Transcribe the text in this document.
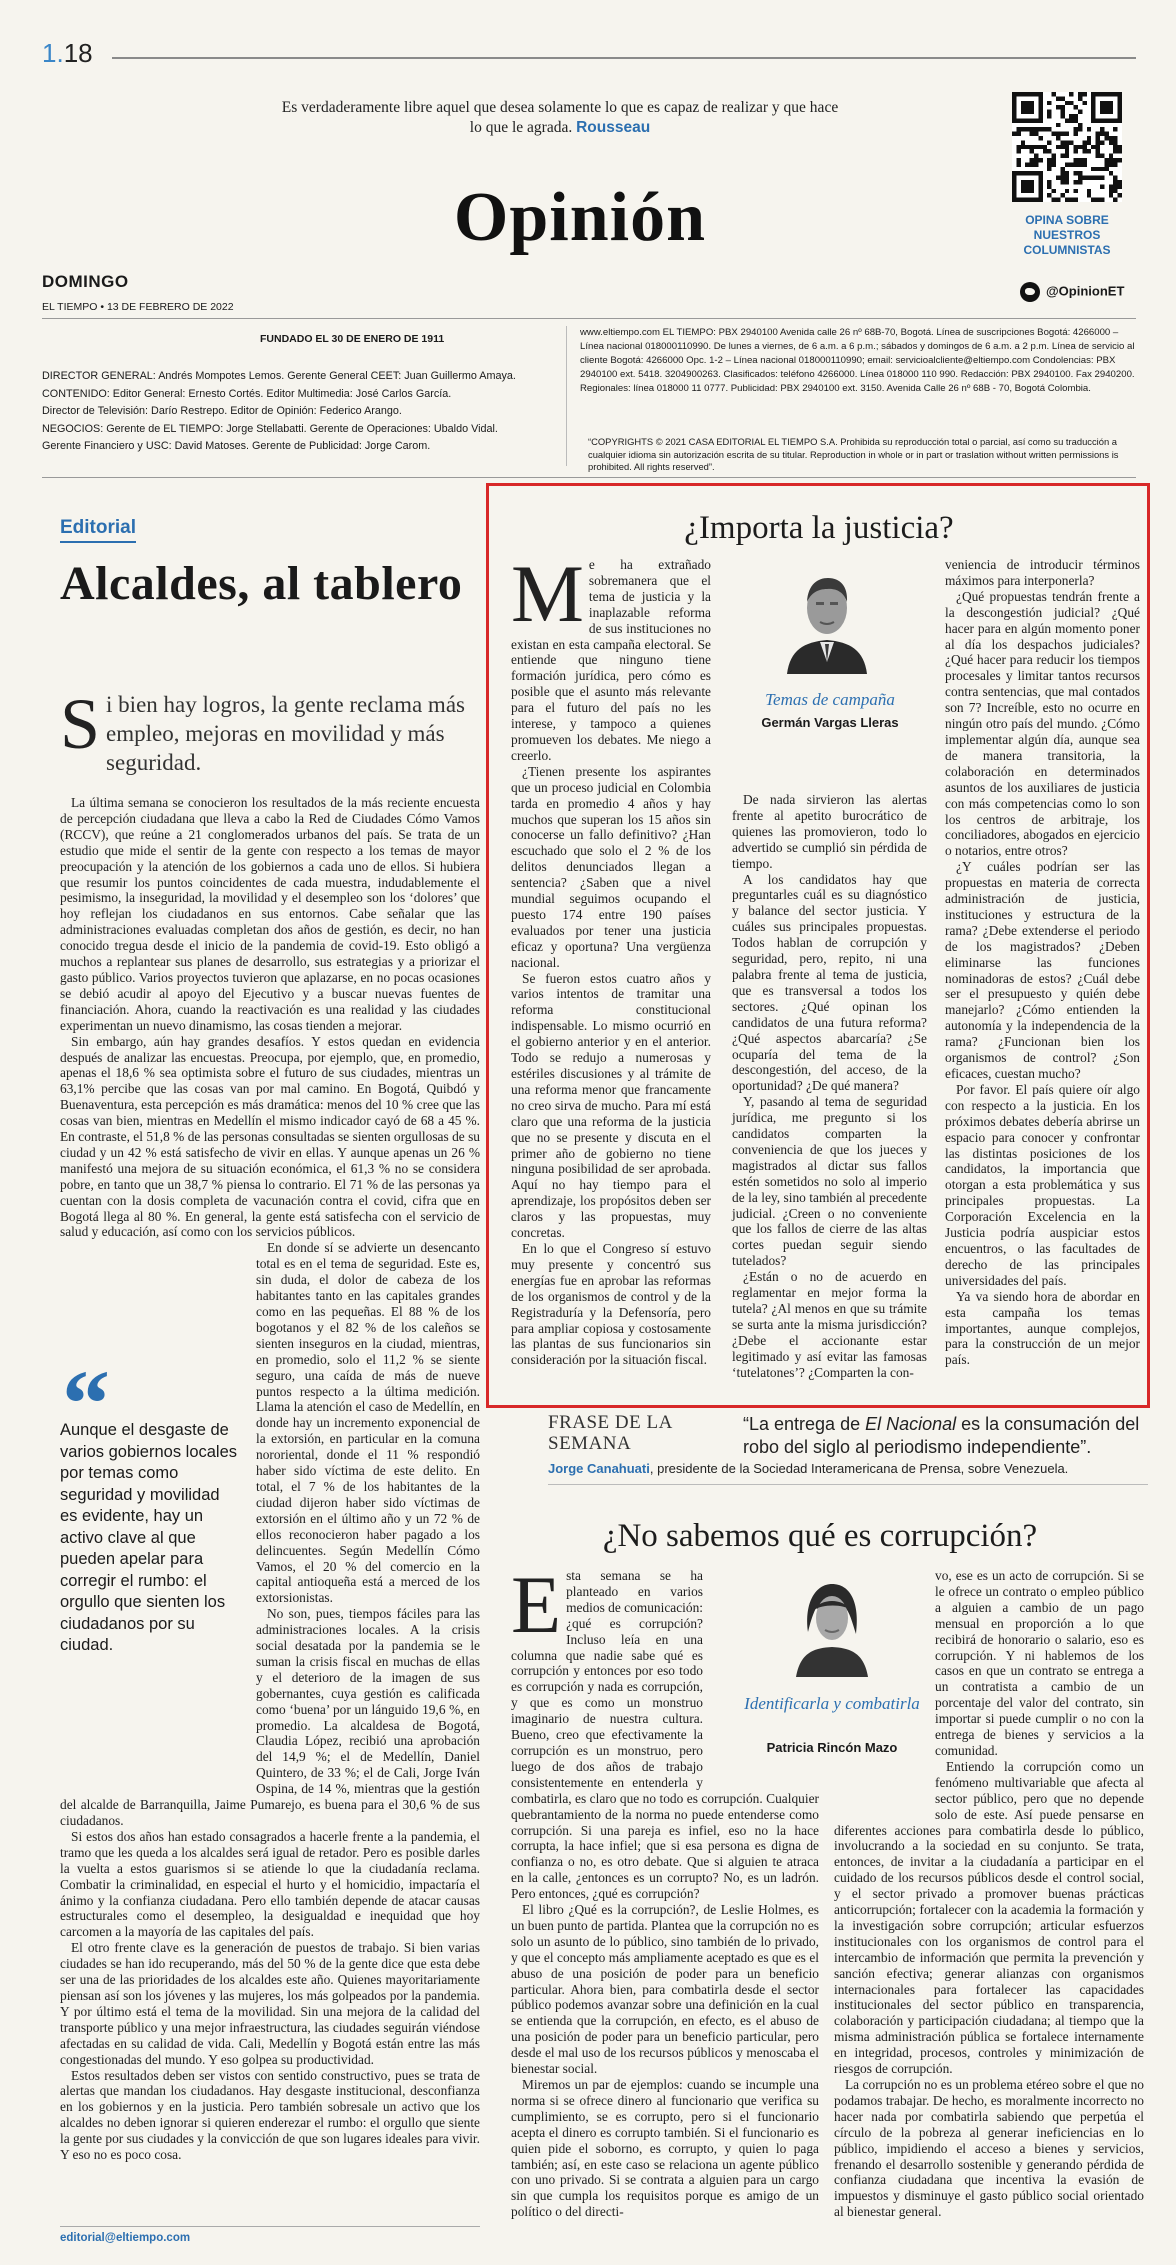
1.18
Es verdaderamente libre aquel que desea solamente lo que es capaz de realizar y que hace lo que le agrada. Rousseau
Opinión	OPINA SOBRE NUESTROS COLUMNISTAS
DOMINGO
EL TIEMPO • 13 DE FEBRERO DE 2022
@OpinionET
FUNDADO EL 30 DE ENERO DE 1911
DIRECTOR GENERAL: Andrés Mompotes Lemos. Gerente General CEET: Juan Guillermo Amaya.
CONTENIDO: Editor General: Ernesto Cortés. Editor Multimedia: José Carlos García.
Director de Televisión: Darío Restrepo. Editor de Opinión: Federico Arango.
NEGOCIOS: Gerente de EL TIEMPO: Jorge Stellabatti. Gerente de Operaciones: Ubaldo Vidal.
Gerente Financiero y USC: David Matoses. Gerente de Publicidad: Jorge Carom.
www.eltiempo.com EL TIEMPO: PBX 2940100 Avenida calle 26 nº 68B-70, Bogotá. Línea de suscripciones Bogotá: 4266000 – Línea nacional 018000110990. De lunes a viernes, de 6 a.m. a 6 p.m.; sábados y domingos de 6 a.m. a 2 p.m. Línea de servicio al cliente Bogotá: 4266000 Opc. 1-2 – Línea nacional 018000110990; email: servicioalcliente@eltiempo.com Condolencias: PBX 2940100 ext. 5418. 3204900263. Clasificados: teléfono 4266000. Línea 018000 110 990. Redacción: PBX 2940100. Fax 2940200. Regionales: línea 018000 11 0777. Publicidad: PBX 2940100 ext. 3150. Avenida Calle 26 nº 68B - 70, Bogotá Colombia.
“COPYRIGHTS © 2021 CASA EDITORIAL EL TIEMPO S.A. Prohibida su reproducción total o parcial, así como su traducción a cualquier idioma sin autorización escrita de su titular. Reproduction in whole or in part or traslation without written permissions is prohibited. All rights reserved”.
Editorial
Alcaldes, al tablero
Si bien hay logros, la gente reclama más empleo, mejoras en movilidad y más seguridad.

La última semana se conocieron los resultados de la más reciente encuesta de percepción ciudadana que lleva a cabo la Red de Ciudades Cómo Vamos (RCCV), que reúne a 21 conglomerados urbanos del país. Se trata de un estudio que mide el sentir de la gente con respecto a los temas de mayor preocupación y la atención de los gobiernos a cada uno de ellos. Si hubiera que resumir los puntos coincidentes de cada muestra, indudablemente el pesimismo, la inseguridad, la movilidad y el desempleo son los ‘dolores’ que hoy reflejan los ciudadanos en sus entornos. Cabe señalar que las administraciones evaluadas completan dos años de gestión, es decir, no han conocido tregua desde el inicio de la pandemia de covid-19. Esto obligó a muchos a replantear sus planes de desarrollo, sus estrategias y a priorizar el gasto público. Varios proyectos tuvieron que aplazarse, en no pocas ocasiones se debió acudir al apoyo del Ejecutivo y a buscar nuevas fuentes de financiación. Ahora, cuando la reactivación es una realidad y las ciudades experimentan un nuevo dinamismo, las cosas tienden a mejorar.

Sin embargo, aún hay grandes desafíos. Y estos quedan en evidencia después de analizar las encuestas. Preocupa, por ejemplo, que, en promedio, apenas el 18,6 % sea optimista sobre el futuro de sus ciudades, mientras un 63,1% percibe que las cosas van por mal camino. En Bogotá, Quibdó y Buenaventura, esta percepción es más dramática: menos del 10 % cree que las cosas van bien, mientras en Medellín el mismo indicador cayó de 68 a 45 %. En contraste, el 51,8 % de las personas consultadas se sienten orgullosas de su ciudad y un 42 % está satisfecho de vivir en ellas. Y aunque apenas un 26 % manifestó una mejora de su situación económica, el 61,3 % no se considera pobre, en tanto que un 38,7 % piensa lo contrario. El 71 % de las personas ya cuentan con la dosis completa de vacunación contra el covid, cifra que en Bogotá llega al 80 %. En general, la gente está satisfecha con el servicio de salud y educación, así como con los servicios públicos.

En donde sí se advierte un desencanto total es en el tema de seguridad. Este es, sin duda, el dolor de cabeza de los habitantes tanto en las capitales grandes como en las pequeñas. El 88 % de los bogotanos y el 82 % de los caleños se sienten inseguros en la ciudad, mientras, en promedio, solo el 11,2 % se siente seguro, una caída de más de nueve puntos respecto a la última medición. Llama la atención el caso de Medellín, en donde hay un incremento exponencial de la extorsión, en particular en la comuna nororiental, donde el 11 % respondió haber sido víctima de este delito. En total, el 7 % de los habitantes de la ciudad dijeron haber sido víctimas de extorsión en el último año y un 72 % de ellos reconocieron haber pagado a los delincuentes. Según Medellín Cómo Vamos, el 20 % del comercio en la capital antioqueña está a merced de los extorsionistas.

No son, pues, tiempos fáciles para las administraciones locales. A la crisis social desatada por la pandemia se le suman la crisis fiscal en muchas de ellas y el deterioro de la imagen de sus gobernantes, cuya gestión es calificada como ‘buena’ por un lánguido 19,6 %, en promedio. La alcaldesa de Bogotá, Claudia López, recibió una aprobación del 14,9 %; el de Medellín, Daniel Quintero, de 33 %; el de Cali, Jorge Iván Ospina, de 14 %, mientras que la gestión del alcalde de Barranquilla, Jaime Pumarejo, es buena para el 30,6 % de sus ciudadanos.

Si estos dos años han estado consagrados a hacerle frente a la pandemia, el tramo que les queda a los alcaldes será igual de retador. Pero es posible darles la vuelta a estos guarismos si se atiende lo que la ciudadanía reclama. Combatir la criminalidad, en especial el hurto y el homicidio, impactaría el ánimo y la confianza ciudadana. Pero ello también depende de atacar causas estructurales como el desempleo, la desigualdad e inequidad que hoy carcomen a la mayoría de las capitales del país.

El otro frente clave es la generación de puestos de trabajo. Si bien varias ciudades se han ido recuperando, más del 50 % de la gente dice que esta debe ser una de las prioridades de los alcaldes este año. Quienes mayoritariamente piensan así son los jóvenes y las mujeres, los más golpeados por la pandemia. Y por último está el tema de la movilidad. Sin una mejora de la calidad del transporte público y una mejor infraestructura, las ciudades seguirán viéndose afectadas en su calidad de vida. Cali, Medellín y Bogotá están entre las más congestionadas del mundo. Y eso golpea su productividad.

Estos resultados deben ser vistos con sentido constructivo, pues se trata de alertas que mandan los ciudadanos. Hay desgaste institucional, desconfianza en los gobiernos y en la justicia. Pero también sobresale un activo que los alcaldes no deben ignorar si quieren enderezar el rumbo: el orgullo que siente la gente por sus ciudades y la convicción de que son lugares ideales para vivir. Y eso no es poco cosa.

“
Aunque el desgaste de varios gobiernos locales por temas como seguridad y movilidad es evidente, hay un activo clave al que pueden apelar para corregir el rumbo: el orgullo que sienten los ciudadanos por su ciudad.
editorial@eltiempo.com
¿Importa la justicia?

Me ha extrañado sobremanera que el tema de justicia y la inaplazable reforma de sus instituciones no existan en esta campaña electoral. Se entiende que ninguno tiene formación jurídica, pero cómo es posible que el asunto más relevante para el futuro del país no les interese, y tampoco a quienes promueven los debates. Me niego a creerlo.

¿Tienen presente los aspirantes que un proceso judicial en Colombia tarda en promedio 4 años y hay muchos que superan los 15 años sin conocerse un fallo definitivo? ¿Han escuchado que solo el 2 % de los delitos denunciados llegan a sentencia? ¿Saben que a nivel mundial seguimos ocupando el puesto 174 entre 190 países evaluados por tener una justicia eficaz y oportuna? Una vergüenza nacional.

Se fueron estos cuatro años y varios intentos de tramitar una reforma constitucional indispensable. Lo mismo ocurrió en el gobierno anterior y en el anterior. Todo se redujo a numerosas y estériles discusiones y al trámite de una reforma menor que francamente no creo sirva de mucho. Para mí está claro que una reforma de la justicia que no se presente y discuta en el primer año de gobierno no tiene ninguna posibilidad de ser aprobada. Aquí no hay tiempo para el aprendizaje, los propósitos deben ser claros y las propuestas, muy concretas.

En lo que el Congreso sí estuvo muy presente y concentró sus energías fue en aprobar las reformas de los organismos de control y de la Registraduría y la Defensoría, pero para ampliar copiosa y costosamente las plantas de sus funcionarios sin consideración por la situación fiscal.

Temas de campaña
Germán Vargas Lleras

De nada sirvieron las alertas frente al apetito burocrático de quienes las promovieron, todo lo advertido se cumplió sin pérdida de tiempo.

A los candidatos hay que preguntarles cuál es su diagnóstico y balance del sector justicia. Y cuáles sus principales propuestas. Todos hablan de corrupción y seguridad, pero, repito, ni una palabra frente al tema de justicia, que es transversal a todos los sectores. ¿Qué opinan los candidatos de una futura reforma? ¿Qué aspectos abarcaría? ¿Se ocuparía del tema de la descongestión, del acceso, de la oportunidad? ¿De qué manera?

Y, pasando al tema de seguridad jurídica, me pregunto si los candidatos comparten la conveniencia de que los jueces y magistrados al dictar sus fallos estén sometidos no solo al imperio de la ley, sino también al precedente judicial. ¿Creen o no conveniente que los fallos de cierre de las altas cortes puedan seguir siendo tutelados?

¿Están o no de acuerdo en reglamentar en mejor forma la tutela? ¿Al menos en que su trámite se surta ante la misma jurisdicción? ¿Debe el accionante estar legitimado y así evitar las famosas ‘tutelatones’? ¿Comparten la con-

veniencia de introducir términos máximos para interponerla?

¿Qué propuestas tendrán frente a la descongestión judicial? ¿Qué hacer para en algún momento poner al día los despachos judiciales? ¿Qué hacer para reducir los tiempos procesales y limitar tantos recursos contra sentencias, que mal contados son 7? Increíble, esto no ocurre en ningún otro país del mundo. ¿Cómo implementar algún día, aunque sea de manera transitoria, la colaboración en determinados asuntos de los auxiliares de justicia con más competencias como lo son los centros de arbitraje, los conciliadores, abogados en ejercicio o notarios, entre otros?

¿Y cuáles podrían ser las propuestas en materia de correcta administración de justicia, instituciones y estructura de la rama? ¿Debe extenderse el periodo de los magistrados? ¿Deben eliminarse las funciones nominadoras de estos? ¿Cuál debe ser el presupuesto y quién debe manejarlo? ¿Cómo entienden la autonomía y la independencia de la rama? ¿Funcionan bien los organismos de control? ¿Son eficaces, cuestan mucho?

Por favor. El país quiere oír algo con respecto a la justicia. En los próximos debates debería abrirse un espacio para conocer y confrontar las distintas posiciones de los candidatos, la importancia que otorgan a esta problemática y sus principales propuestas. La Corporación Excelencia en la Justicia podría auspiciar estos encuentros, o las facultades de derecho de las principales universidades del país.

Ya va siendo hora de abordar en esta campaña los temas importantes, aunque complejos, para la construcción de un mejor país.

FRASE DE LA SEMANA
“La entrega de El Nacional es la consumación del robo del siglo al periodismo independiente”.
Jorge Canahuati, presidente de la Sociedad Interamericana de Prensa, sobre Venezuela.
¿No sabemos qué es corrupción?

Esta semana se ha planteado en varios medios de comunicación: ¿qué es corrupción? Incluso leía en una columna que nadie sabe qué es corrupción y entonces por eso todo es corrupción y nada es corrupción, y que es como un monstruo imaginario de nuestra cultura. Bueno, creo que efectivamente la corrupción es un monstruo, pero luego de dos años de trabajo consistentemente en entenderla y combatirla, es claro que no todo es corrupción. Cualquier quebrantamiento de la norma no puede entenderse como corrupción. Si una pareja es infiel, eso no la hace corrupta, la hace infiel; que si esa persona es digna de confianza o no, es otro debate. Que si alguien te atraca en la calle, ¿entonces es un corrupto? No, es un ladrón. Pero entonces, ¿qué es corrupción?

El libro ¿Qué es la corrupción?, de Leslie Holmes, es un buen punto de partida. Plantea que la corrupción no es solo un asunto de lo público, sino también de lo privado, y que el concepto más ampliamente aceptado es que es el abuso de una posición de poder para un beneficio particular. Ahora bien, para combatirla desde el sector público podemos avanzar sobre una definición en la cual se entienda que la corrupción, en efecto, es el abuso de una posición de poder para un beneficio particular, pero desde el mal uso de los recursos públicos y menoscaba el bienestar social.

Miremos un par de ejemplos: cuando se incumple una norma si se ofrece dinero al funcionario que verifica su cumplimiento, se es corrupto, pero si el funcionario acepta el dinero es corrupto también. Si el funcionario es quien pide el soborno, es corrupto, y quien lo paga también; así, en este caso se relaciona un agente público con uno privado. Si se contrata a alguien para un cargo sin que cumpla los requisitos porque es amigo de un político o del directi-

Identificarla y combatirla
Patricia Rincón Mazo

vo, ese es un acto de corrupción. Si se le ofrece un contrato o empleo público a alguien a cambio de un pago mensual en proporción a lo que recibirá de honorario o salario, eso es corrupción. Y ni hablemos de los casos en que un contrato se entrega a un contratista a cambio de un porcentaje del valor del contrato, sin importar si puede cumplir o no con la entrega de bienes y servicios a la comunidad.

Entiendo la corrupción como un fenómeno multivariable que afecta al sector público, pero que no depende solo de este. Así puede pensarse en diferentes acciones para combatirla desde lo público, involucrando a la sociedad en su conjunto. Se trata, entonces, de invitar a la ciudadanía a participar en el cuidado de los recursos públicos desde el control social, y el sector privado a promover buenas prácticas anticorrupción; fortalecer con la academia la formación y la investigación sobre corrupción; articular esfuerzos institucionales con los organismos de control para el intercambio de información que permita la prevención y sanción efectiva; generar alianzas con organismos internacionales para fortalecer las capacidades institucionales del sector público en transparencia, colaboración y participación ciudadana; al tiempo que la misma administración pública se fortalece internamente en integridad, procesos, controles y minimización de riesgos de corrupción.

La corrupción no es un problema etéreo sobre el que no podamos trabajar. De hecho, es moralmente incorrecto no hacer nada por combatirla sabiendo que perpetúa el círculo de la pobreza al generar ineficiencias en lo público, impidiendo el acceso a bienes y servicios, frenando el desarrollo sostenible y generando pérdida de confianza ciudadana que incentiva la evasión de impuestos y disminuye el gasto público social orientado al bienestar general.
